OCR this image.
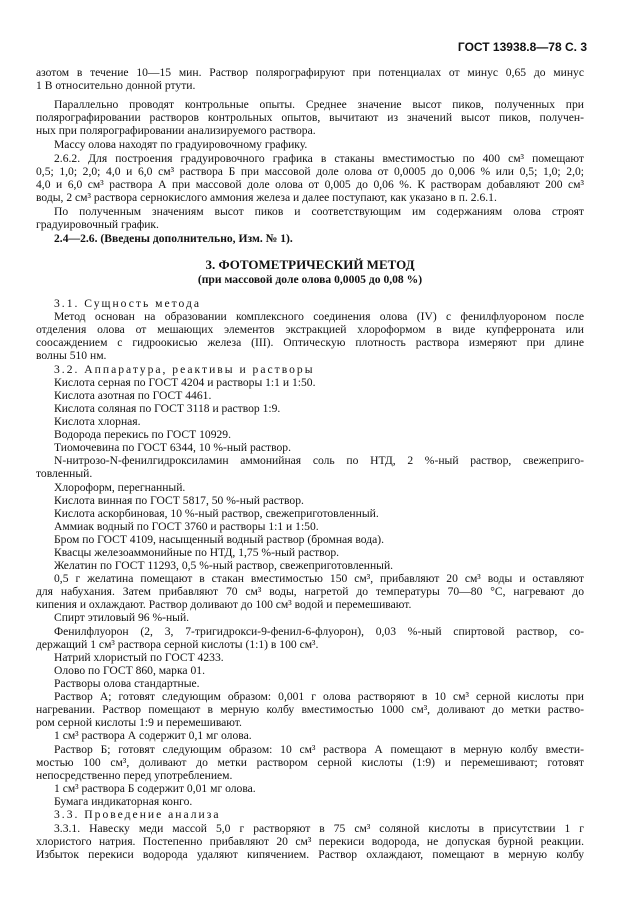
ГОСТ 13938.8—78 С. 3
азотом в течение 10—15 мин. Раствор полярографируют при потенциалах от минус 0,65 до минус
1 В относительно донной ртути.
Параллельно проводят контрольные опыты. Среднее значение высот пиков, полученных при
полярографировании растворов контрольных опытов, вычитают из значений высот пиков, получен-
ных при полярографировании анализируемого раствора.
Массу олова находят по градуировочному графику.
2.6.2. Для построения градуировочного графика в стаканы вместимостью по 400 см³ помещают
0,5; 1,0; 2,0; 4,0 и 6,0 см³ раствора Б при массовой доле олова от 0,0005 до 0,006 % или 0,5; 1,0; 2,0;
4,0 и 6,0 см³ раствора А при массовой доле олова от 0,005 до 0,06 %. К растворам добавляют 200 см³
воды, 2 см³ раствора сернокислого аммония железа и далее поступают, как указано в п. 2.6.1.
По полученным значениям высот пиков и соответствующим им содержаниям олова строят
градуировочный график.
2.4—2.6. (Введены дополнительно, Изм. № 1).
3. ФОТОМЕТРИЧЕСКИЙ МЕТОД
(при массовой доле олова 0,0005 до 0,08 %)
3.1. Сущность метода
Метод основан на образовании комплексного соединения олова (IV) с фенилфлуороном после
отделения олова от мешающих элементов экстракцией хлороформом в виде купферроната или
соосаждением с гидроокисью железа (III). Оптическую плотность раствора измеряют при длине
волны 510 нм.
3.2. Аппаратура, реактивы и растворы
Кислота серная по ГОСТ 4204 и растворы 1:1 и 1:50.
Кислота азотная по ГОСТ 4461.
Кислота соляная по ГОСТ 3118 и раствор 1:9.
Кислота хлорная.
Водорода перекись по ГОСТ 10929.
Тиомочевина по ГОСТ 6344, 10 %-ный раствор.
N-нитрозо-N-фенилгидроксиламин аммонийная соль по НТД, 2 %-ный раствор, свежеприго-
товленный.
Хлороформ, перегнанный.
Кислота винная по ГОСТ 5817, 50 %-ный раствор.
Кислота аскорбиновая, 10 %-ный раствор, свежеприготовленный.
Аммиак водный по ГОСТ 3760 и растворы 1:1 и 1:50.
Бром по ГОСТ 4109, насыщенный водный раствор (бромная вода).
Квасцы железоаммонийные по НТД, 1,75 %-ный раствор.
Желатин по ГОСТ 11293, 0,5 %-ный раствор, свежеприготовленный.
0,5 г желатина помещают в стакан вместимостью 150 см³, прибавляют 20 см³ воды и оставляют
для набухания. Затем прибавляют 70 см³ воды, нагретой до температуры 70—80 °С, нагревают до
кипения и охлаждают. Раствор доливают до 100 см³ водой и перемешивают.
Спирт этиловый 96 %-ный.
Фенилфлуорон (2, 3, 7-тригидрокси-9-фенил-6-флуорон), 0,03 %-ный спиртовой раствор, со-
держащий 1 см³ раствора серной кислоты (1:1) в 100 см³.
Натрий хлористый по ГОСТ 4233.
Олово по ГОСТ 860, марка 01.
Растворы олова стандартные.
Раствор А; готовят следующим образом: 0,001 г олова растворяют в 10 см³ серной кислоты при
нагревании. Раствор помещают в мерную колбу вместимостью 1000 см³, доливают до метки раство-
ром серной кислоты 1:9 и перемешивают.
1 см³ раствора А содержит 0,1 мг олова.
Раствор Б; готовят следующим образом: 10 см³ раствора А помещают в мерную колбу вмести-
мостью 100 см³, доливают до метки раствором серной кислоты (1:9) и перемешивают; готовят
непосредственно перед употреблением.
1 см³ раствора Б содержит 0,01 мг олова.
Бумага индикаторная конго.
3.3. Проведение анализа
3.3.1. Навеску меди массой 5,0 г растворяют в 75 см³ соляной кислоты в присутствии 1 г
хлористого натрия. Постепенно прибавляют 20 см³ перекиси водорода, не допуская бурной реакции.
Избыток перекиси водорода удаляют кипячением. Раствор охлаждают, помещают в мерную колбу
